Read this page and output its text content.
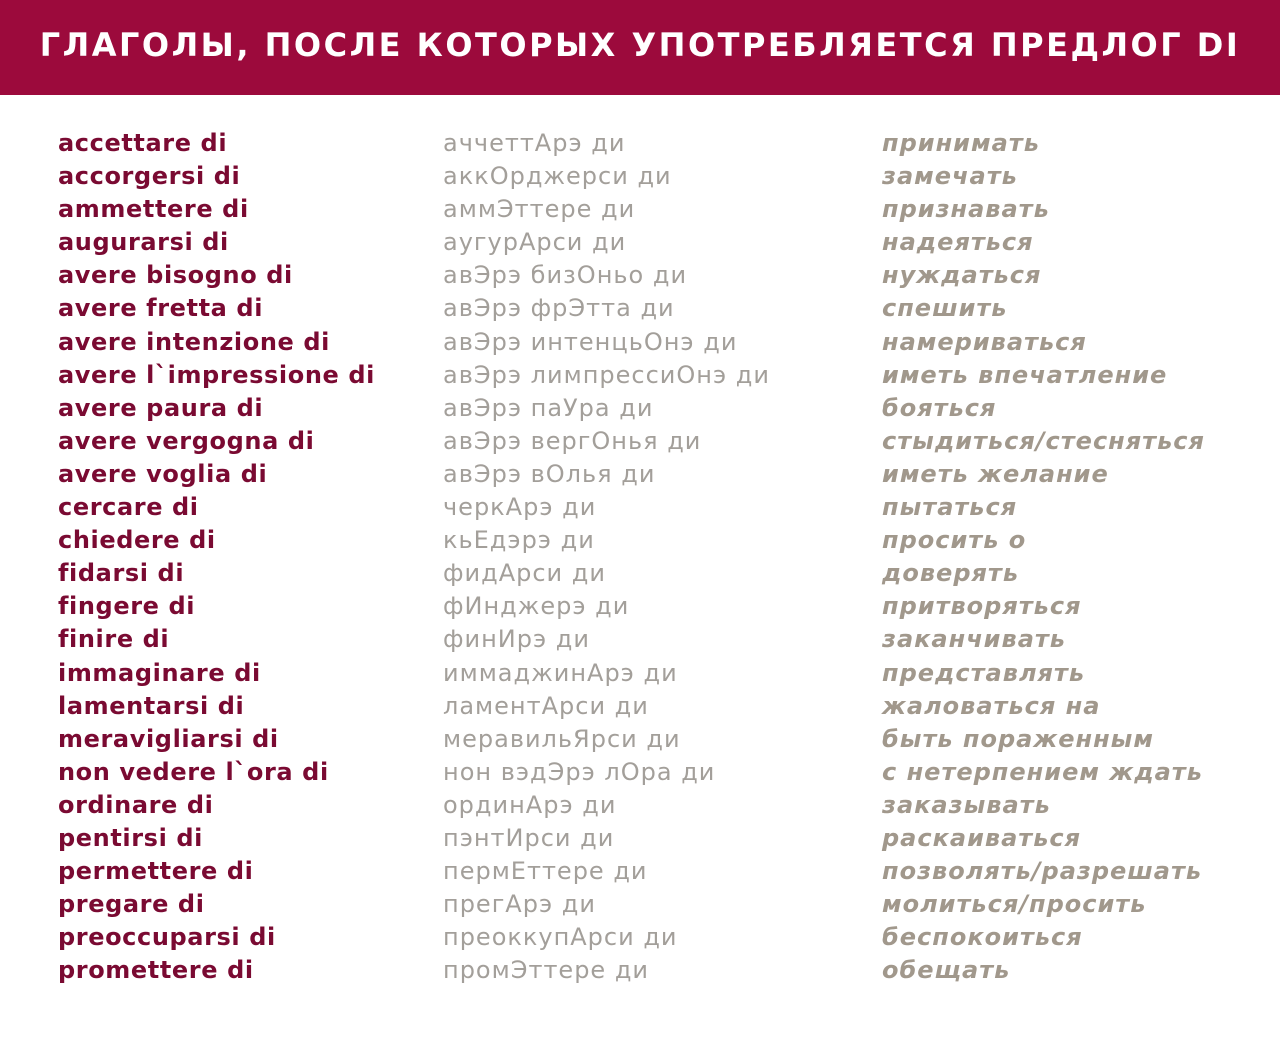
ГЛАГОЛЫ, ПОСЛЕ КОТОРЫХ УПОТРЕБЛЯЕТСЯ ПРЕДЛОГ DI
accettare di	аччеттАрэ ди	принимать
accorgersi di	аккОрджерси ди	замечать
ammettere di	аммЭттере ди	признавать
augurarsi di	аугурАрси ди	надеяться
avere bisogno di	авЭрэ бизОньо ди	нуждаться
avere fretta di	авЭрэ фрЭтта ди	спешить
avere intenzione di	авЭрэ интенцьОнэ ди	намериваться
avere l`impressione di	авЭрэ лимпрессиОнэ ди	иметь впечатление
avere paura di	авЭрэ паУра ди	бояться
avere vergogna di	авЭрэ вергОнья ди	стыдиться/стесняться
avere voglia di	авЭрэ вОлья ди	иметь желание
cercare di	черкАрэ ди	пытаться
chiedere di	кьЕдэрэ ди	просить о
fidarsi di	фидАрси ди	доверять
fingere di	фИнджерэ ди	притворяться
finire di	финИрэ ди	заканчивать
immaginare di	иммаджинАрэ ди	представлять
lamentarsi di	ламентАрси ди	жаловаться на
meravigliarsi di	меравильЯрси ди	быть пораженным
non vedere l`ora di	нон вэдЭрэ лОра ди	с нетерпением ждать
ordinare di	ординАрэ ди	заказывать
pentirsi di	пэнтИрси ди	раскаиваться
permettere di	пермЕттере ди	позволять/разрешать
pregare di	прегАрэ ди	молиться/просить
preoccuparsi di	преоккупАрси ди	беспокоиться
promettere di	промЭттере ди	обещать
